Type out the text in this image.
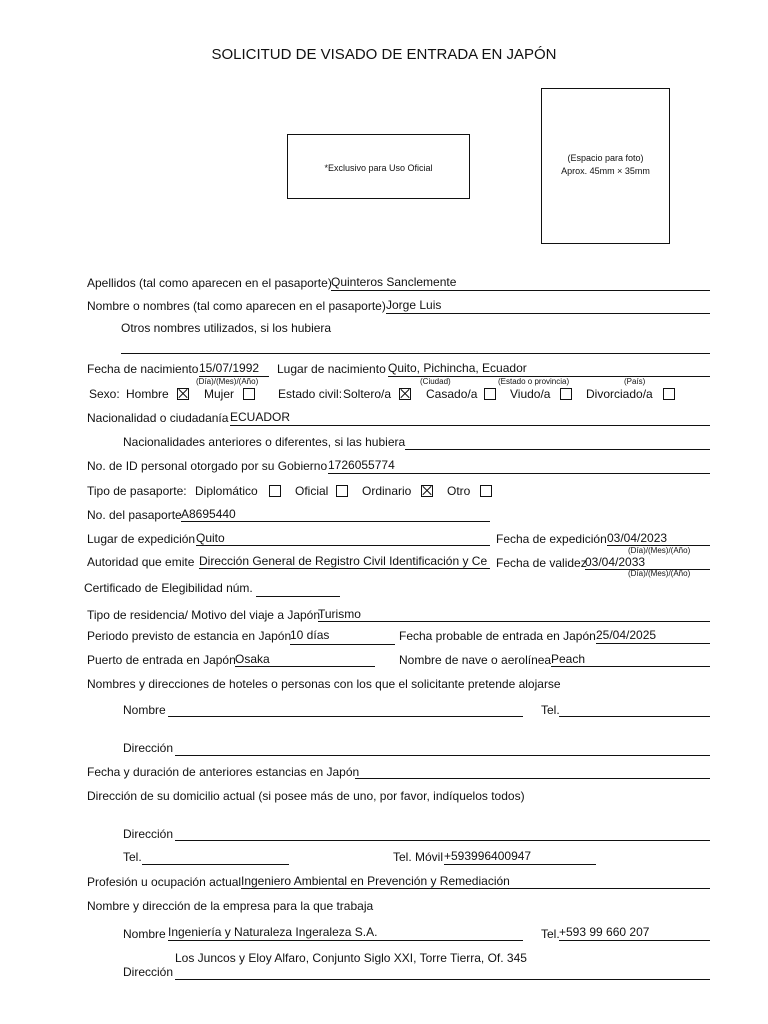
SOLICITUD DE VISADO DE ENTRADA EN JAPÓN
*Exclusivo para Uso Oficial
(Espacio para foto)
Aprox. 45mm × 35mm
Apellidos (tal como aparecen en el pasaporte) Quinteros Sanclemente
Nombre o nombres (tal como aparecen en el pasaporte) Jorge Luis
Otros nombres utilizados, si los hubiera
Fecha de nacimiento 15/07/1992
(Día)/(Mes)/(Año)
Lugar de nacimiento Quito, Pichincha, Ecuador
(Ciudad)	(Estado o provincia)	(País)
Sexo: Hombre	Mujer	Estado civil: Soltero/a	Casado/a	Viudo/a	Divorciado/a
Nacionalidad o ciudadanía ECUADOR
Nacionalidades anteriores o diferentes, si las hubiera
No. de ID personal otorgado por su Gobierno 1726055774
Tipo de pasaporte: Diplomático	Oficial	Ordinario	Otro
No. del pasaporte A8695440
Lugar de expedición Quito	Fecha de expedición 03/04/2023
(Día)/(Mes)/(Año)
Autoridad que emite Dirección General de Registro Civil Identificación y Ce Fecha de validez
03/04/2033
(Día)/(Mes)/(Año)
Certificado de Elegibilidad núm.
Tipo de residencia/ Motivo del viaje a Japón
Turismo
Periodo previsto de estancia en Japón
10 días	Fecha probable de entrada en Japón 25/04/2025
Puerto de entrada en Japón Osaka	Nombre de nave o aerolínea Peach
Nombres y direcciones de hoteles o personas con los que el solicitante pretende alojarse
Nombre	Tel.
Dirección
Fecha y duración de anteriores estancias en Japón
Dirección de su domicilio actual (si posee más de uno, por favor, indíquelos todos)
Dirección
Tel.	Tel. Móvil +593996400947
Profesión u ocupación actual Ingeniero Ambiental en Prevención y Remediación
Nombre y dirección de la empresa para la que trabaja
Nombre Ingeniería y Naturaleza Ingeraleza S.A.	Tel. +593 99 660 207
Los Juncos y Eloy Alfaro, Conjunto Siglo XXI, Torre Tierra, Of. 345
Dirección
